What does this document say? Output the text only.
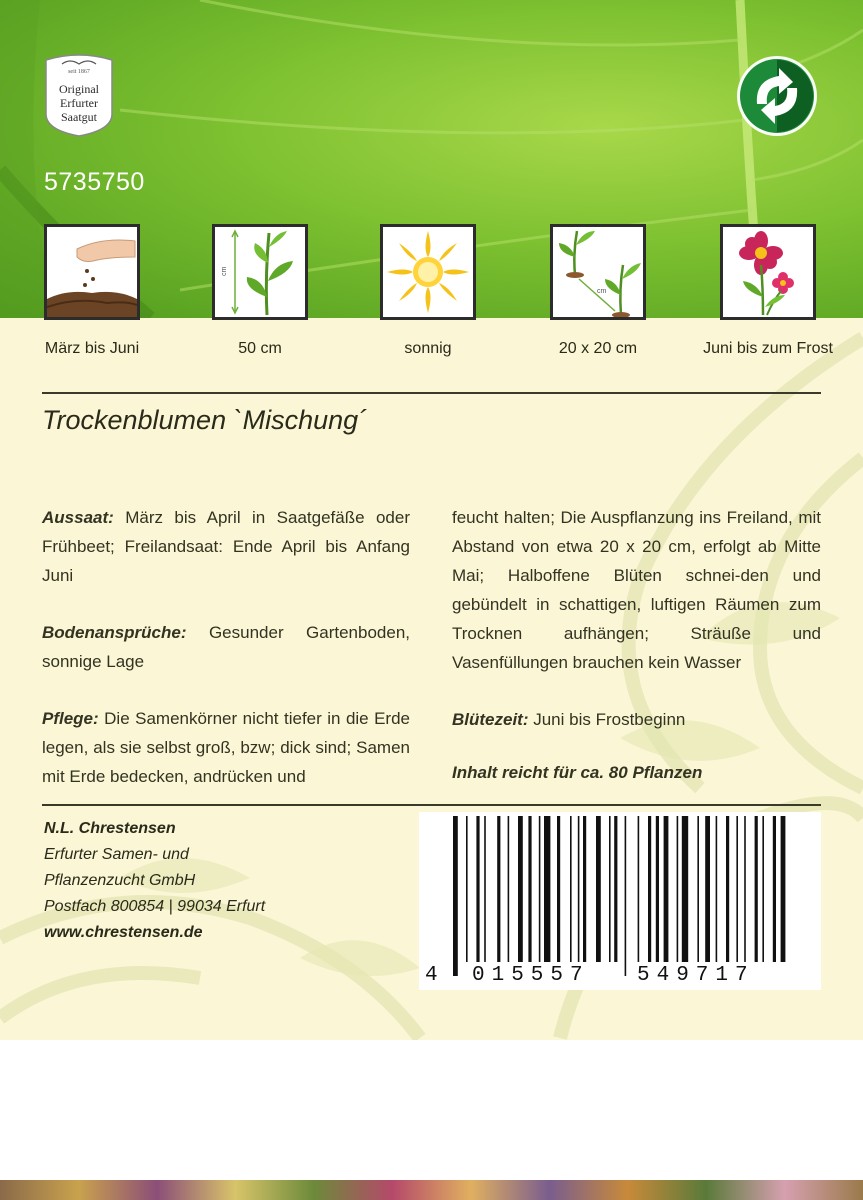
seit 1867
Original
Erfurter
Saatgut
5735750
cm
cm
März bis Juni	50 cm	sonnig	20 x 20 cm	Juni bis zum Frost
Trockenblumen `Mischung´

Aussaat: März bis April in Saatgefäße oder Frühbeet; Freilandsaat: Ende April bis Anfang Juni

Bodenansprüche: Gesunder Gartenboden, sonnige Lage

Pflege: Die Samenkörner nicht tiefer in die Erde legen, als sie selbst groß, bzw; dick sind; Samen mit Erde bedecken, andrücken und

feucht halten; Die Auspflanzung ins Freiland, mit Abstand von etwa 20 x 20 cm, erfolgt ab Mitte Mai; Halboffene Blüten schnei-den und gebündelt in schattigen, luftigen Räumen zum Trocknen aufhängen; Sträuße und Vasenfüllungen brauchen kein Wasser

Blütezeit: Juni bis Frostbeginn

Inhalt reicht für ca. 80 Pflanzen

N.L. Chrestensen
Erfurter Samen- und
Pflanzenzucht GmbH
Postfach 800854 | 99034 Erfurt
www.chrestensen.de
4 015557 549717
